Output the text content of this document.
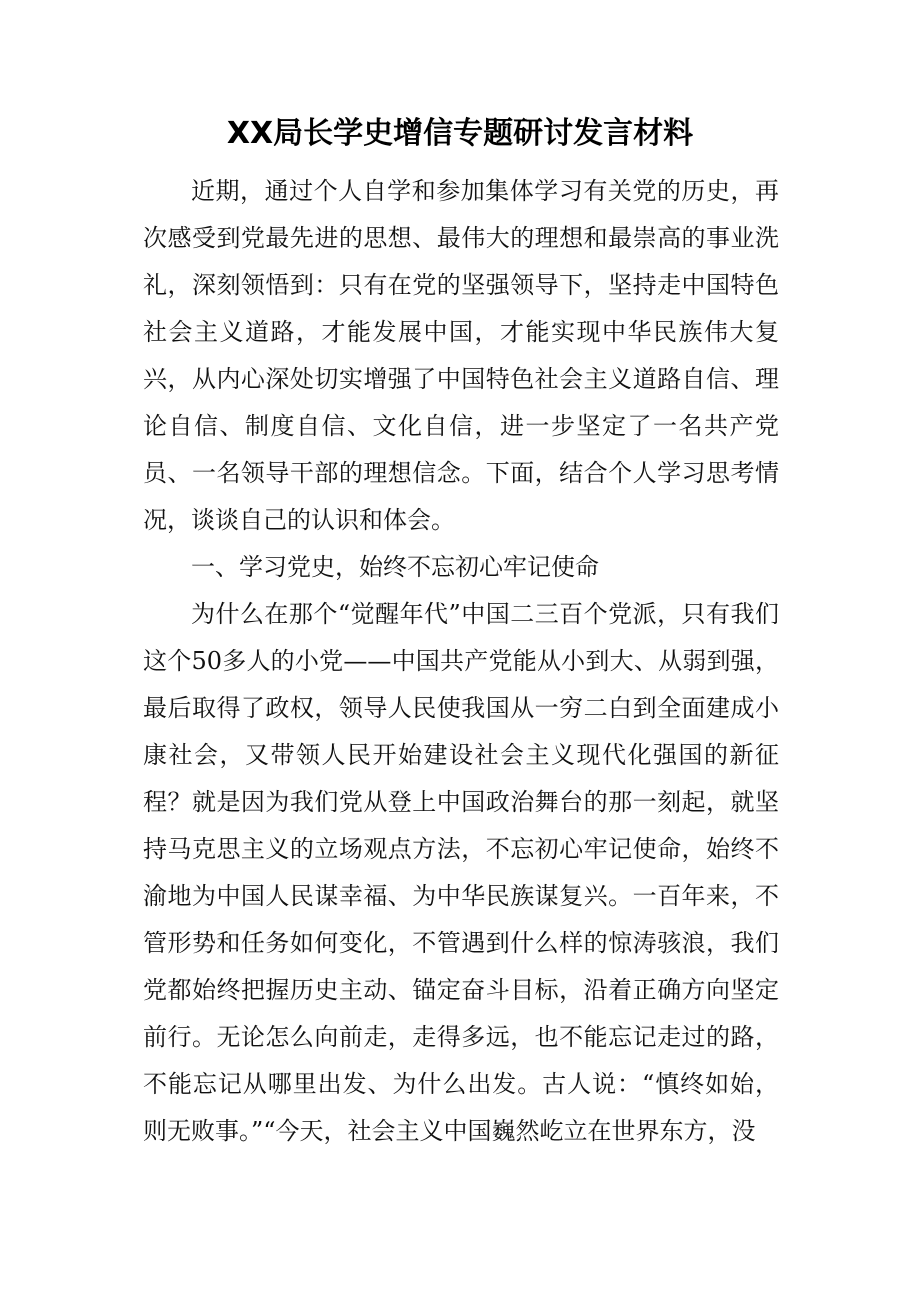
XX局长学史增信专题研讨发言材料

近期，通过个人自学和参加集体学习有关党的历史，再次感受到党最先进的思想、最伟大的理想和最崇高的事业洗礼，深刻领悟到：只有在党的坚强领导下，坚持走中国特色社会主义道路，才能发展中国，才能实现中华民族伟大复兴，从内心深处切实增强了中国特色社会主义道路自信、理论自信、制度自信、文化自信，进一步坚定了一名共产党员、一名领导干部的理想信念。下面，结合个人学习思考情况，谈谈自己的认识和体会。

一、学习党史，始终不忘初心牢记使命

为什么在那个“觉醒年代”中国二三百个党派，只有我们这个50多人的小党——中国共产党能从小到大、从弱到强，最后取得了政权，领导人民使我国从一穷二白到全面建成小康社会，又带领人民开始建设社会主义现代化强国的新征程？就是因为我们党从登上中国政治舞台的那一刻起，就坚持马克思主义的立场观点方法，不忘初心牢记使命，始终不渝地为中国人民谋幸福、为中华民族谋复兴。一百年来，不管形势和任务如何变化，不管遇到什么样的惊涛骇浪，我们党都始终把握历史主动、锚定奋斗目标，沿着正确方向坚定前行。无论怎么向前走，走得多远，也不能忘记走过的路，不能忘记从哪里出发、为什么出发。古人说：“慎终如始，则无败事。”“今天，社会主义中国巍然屹立在世界东方，没
